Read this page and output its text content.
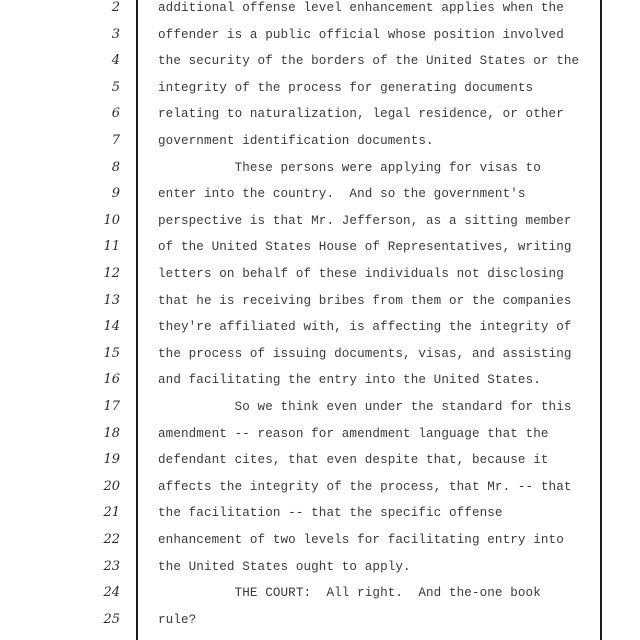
2	additional offense level enhancement applies when the
3	offender is a public official whose position involved
4	the security of the borders of the United States or the
5	integrity of the process for generating documents
6	relating to naturalization, legal residence, or other
7	government identification documents.
8	These persons were applying for visas to
9	enter into the country.  And so the government's
10	perspective is that Mr. Jefferson, as a sitting member
11	of the United States House of Representatives, writing
12	letters on behalf of these individuals not disclosing
13	that he is receiving bribes from them or the companies
14	they're affiliated with, is affecting the integrity of
15	the process of issuing documents, visas, and assisting
16	and facilitating the entry into the United States.
17	So we think even under the standard for this
18	amendment -- reason for amendment language that the
19	defendant cites, that even despite that, because it
20	affects the integrity of the process, that Mr. -- that
21	the facilitation -- that the specific offense
22	enhancement of two levels for facilitating entry into
23	the United States ought to apply.
24	THE COURT:  All right.  And the-one book
25	rule?
